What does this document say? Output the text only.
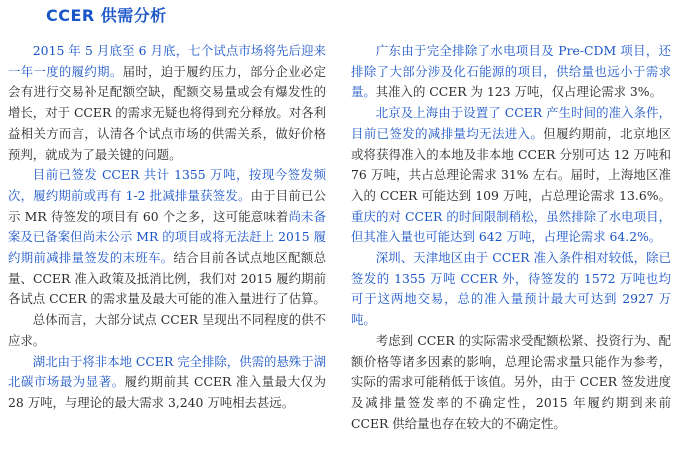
CCER 供需分析

2015 年 5 月底至 6 月底，七个试点市场将先后迎来一年一度的履约期。届时，迫于履约压力，部分企业必定会有进行交易补足配额空缺，配额交易量或会有爆发性的增长，对于 CCER 的需求无疑也将得到充分释放。对各利益相关方而言，认清各个试点市场的供需关系，做好价格预判，就成为了最关键的问题。

目前已签发 CCER 共计 1355 万吨，按现今签发频次，履约期前或再有 1-2 批减排量获签发。由于目前已公示 MR 待签发的项目有 60 个之多，这可能意味着尚未备案及已备案但尚未公示 MR 的项目或将无法赶上 2015 履约期前减排量签发的末班车。结合目前各试点地区配额总量、CCER 准入政策及抵消比例，我们对 2015 履约期前各试点 CCER 的需求量及最大可能的准入量进行了估算。

总体而言，大部分试点 CCER 呈现出不同程度的供不应求。

湖北由于将非本地 CCER 完全排除，供需的悬殊于湖北碳市场最为显著。履约期前其 CCER 准入量最大仅为 28 万吨，与理论的最大需求 3,240 万吨相去甚远。

广东由于完全排除了水电项目及 Pre-CDM 项目，还排除了大部分涉及化石能源的项目，供给量也远小于需求量。其准入的 CCER 为 123 万吨，仅占理论需求 3%。

北京及上海由于设置了 CCER 产生时间的准入条件，目前已签发的减排量均无法进入。但履约期前，北京地区或将获得准入的本地及非本地 CCER 分别可达 12 万吨和 76 万吨，共占总理论需求 31% 左右。届时，上海地区准入的 CCER 可能达到 109 万吨，占总理论需求 13.6%。重庆的对 CCER 的时间限制稍松，虽然排除了水电项目，但其准入量也可能达到 642 万吨，占理论需求 64.2%。

深圳、天津地区由于 CCER 准入条件相对较低，除已签发的 1355 万吨 CCER 外，待签发的 1572 万吨也均可于这两地交易，总的准入量预计最大可达到 2927 万吨。

考虑到 CCER 的实际需求受配额松紧、投资行为、配额价格等诸多因素的影响，总理论需求量只能作为参考，实际的需求可能稍低于该值。另外，由于 CCER 签发进度及减排量签发率的不确定性，2015 年履约期到来前 CCER 供给量也存在较大的不确定性。
